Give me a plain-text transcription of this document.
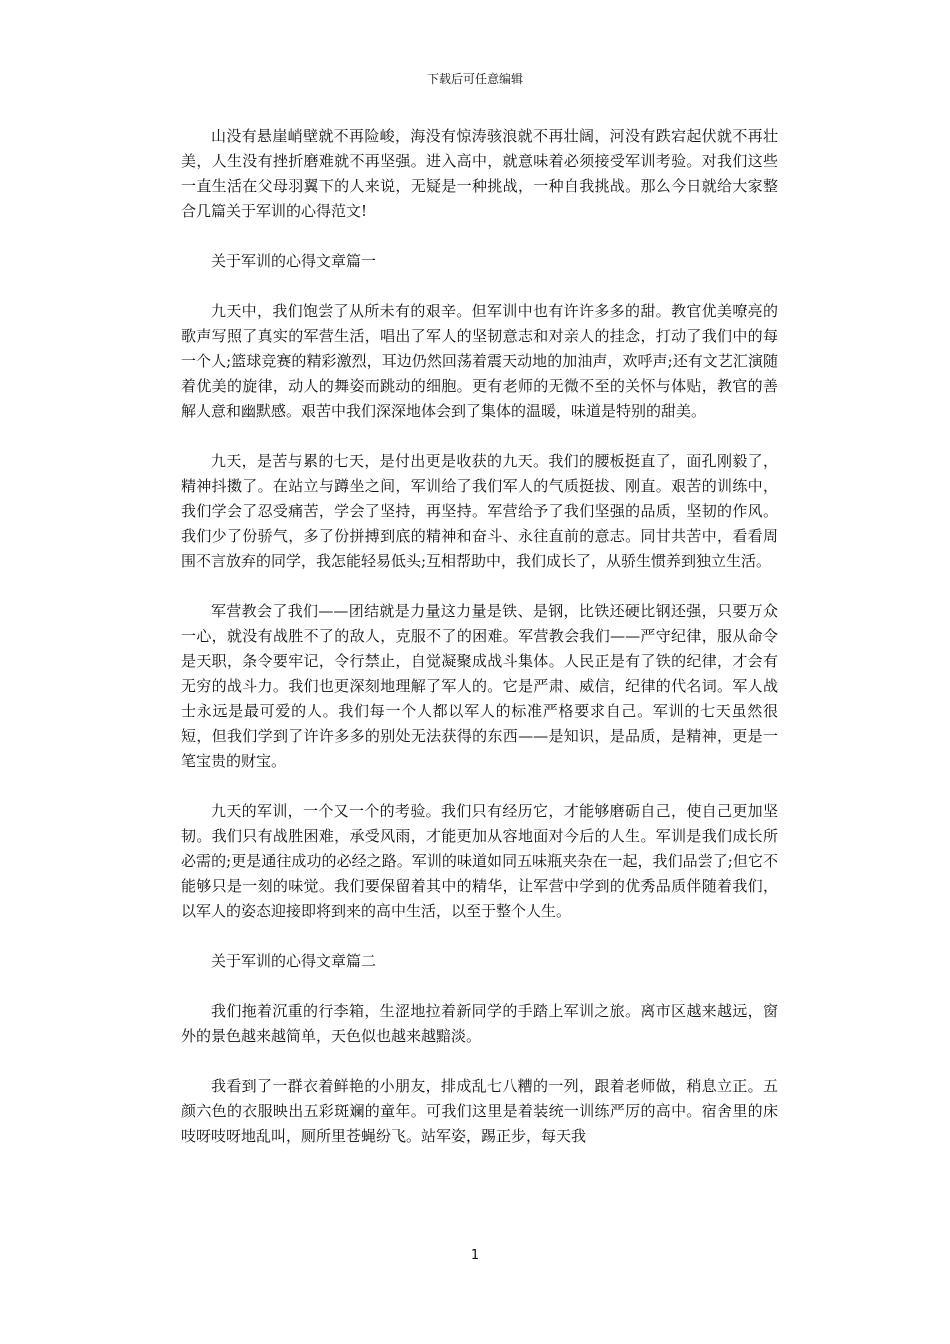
下载后可任意编辑

山没有悬崖峭壁就不再险峻，海没有惊涛骇浪就不再壮阔，河没有跌宕起伏就不再壮美，人生没有挫折磨难就不再坚强。进入高中，就意味着必须接受军训考验。对我们这些一直生活在父母羽翼下的人来说，无疑是一种挑战，一种自我挑战。那么今日就给大家整合几篇关于军训的心得范文!

关于军训的心得文章篇一

九天中，我们饱尝了从所未有的艰辛。但军训中也有许许多多的甜。教官优美嘹亮的歌声写照了真实的军营生活，唱出了军人的坚韧意志和对亲人的挂念，打动了我们中的每一个人;篮球竞赛的精彩激烈，耳边仍然回荡着震天动地的加油声，欢呼声;还有文艺汇演随着优美的旋律，动人的舞姿而跳动的细胞。更有老师的无微不至的关怀与体贴，教官的善解人意和幽默感。艰苦中我们深深地体会到了集体的温暖，味道是特别的甜美。

九天，是苦与累的七天，是付出更是收获的九天。我们的腰板挺直了，面孔刚毅了，精神抖擞了。在站立与蹲坐之间，军训给了我们军人的气质挺拔、刚直。艰苦的训练中，我们学会了忍受痛苦，学会了坚持，再坚持。军营给予了我们坚强的品质，坚韧的作风。我们少了份骄气，多了份拼搏到底的精神和奋斗、永往直前的意志。同甘共苦中，看看周围不言放弃的同学，我怎能轻易低头;互相帮助中，我们成长了，从骄生惯养到独立生活。

军营教会了我们——团结就是力量这力量是铁、是钢，比铁还硬比钢还强，只要万众一心，就没有战胜不了的敌人，克服不了的困难。军营教会我们——严守纪律，服从命令是天职，条令要牢记，令行禁止，自觉凝聚成战斗集体。人民正是有了铁的纪律，才会有无穷的战斗力。我们也更深刻地理解了军人的。它是严肃、威信，纪律的代名词。军人战士永远是最可爱的人。我们每一个人都以军人的标准严格要求自己。军训的七天虽然很短，但我们学到了许许多多的别处无法获得的东西——是知识，是品质，是精神，更是一笔宝贵的财宝。

九天的军训，一个又一个的考验。我们只有经历它，才能够磨砺自己，使自己更加坚韧。我们只有战胜困难，承受风雨，才能更加从容地面对今后的人生。军训是我们成长所必需的;更是通往成功的必经之路。军训的味道如同五味瓶夹杂在一起，我们品尝了;但它不能够只是一刻的味觉。我们要保留着其中的精华，让军营中学到的优秀品质伴随着我们，以军人的姿态迎接即将到来的高中生活，以至于整个人生。

关于军训的心得文章篇二

我们拖着沉重的行李箱，生涩地拉着新同学的手踏上军训之旅。离市区越来越远，窗外的景色越来越简单，天色似也越来越黯淡。

我看到了一群衣着鲜艳的小朋友，排成乱七八糟的一列，跟着老师做，稍息立正。五颜六色的衣服映出五彩斑斓的童年。可我们这里是着装统一训练严厉的高中。宿舍里的床吱呀吱呀地乱叫，厕所里苍蝇纷飞。站军姿，踢正步，每天我

1
